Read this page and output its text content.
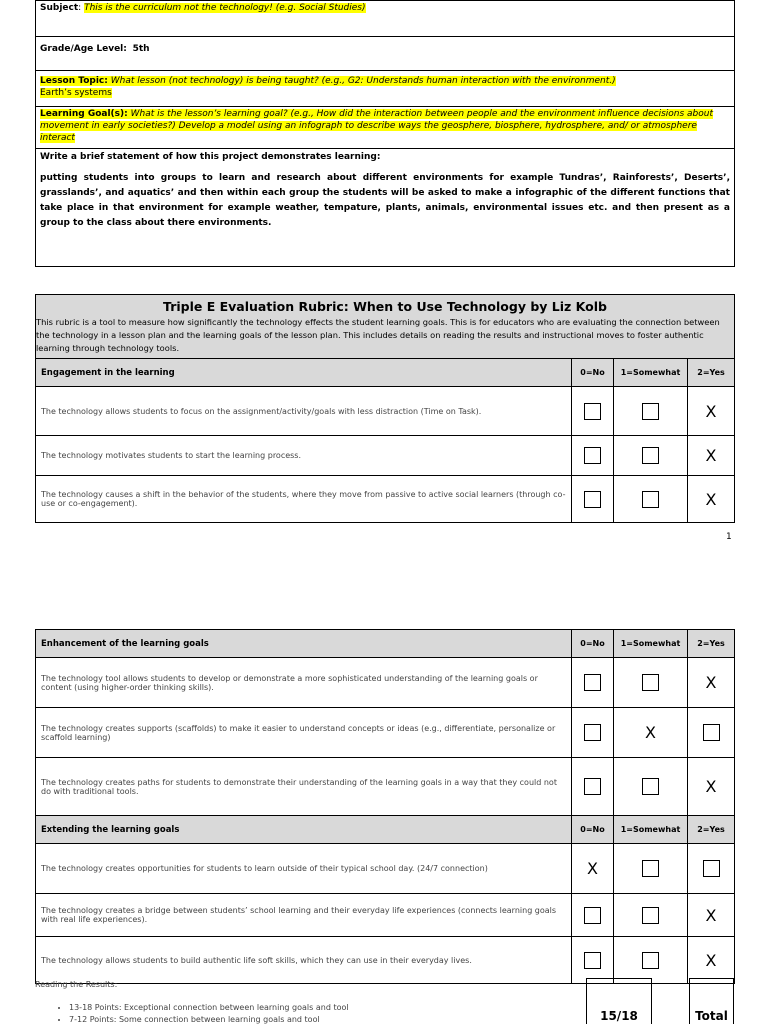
Subject: This is the curriculum not the technology! (e.g. Social Studies)
Grade/Age Level: 5th
Lesson Topic: What lesson (not technology) is being taught? (e.g., G2: Understands human interaction with the environment.)
Earth’s systems
Learning Goal(s): What is the lesson’s learning goal? (e.g., How did the interaction between people and the environment influence decisions about movement in early societies?) Develop a model using an infograph to describe ways the geosphere, biosphere, hydrosphere, and/ or atmosphere interact
Write a brief statement of how this project demonstrates learning:
putting students into groups to learn and research about different environments for example Tundras’, Rainforests’, Deserts’, grasslands’, and aquatics’ and then within each group the students will be asked to make a infographic of the different functions that take place in that environment for example weather, tempature, plants, animals, environmental issues etc. and then present as a group to the class about there environments.
Triple E Evaluation Rubric: When to Use Technology by Liz Kolb
This rubric is a tool to measure how significantly the technology effects the student learning goals. This is for educators who are evaluating the connection between the technology in a lesson plan and the learning goals of the lesson plan. This includes details on reading the results and instructional moves to foster authentic learning through technology tools.			

Engagement in the learning	0=No	1=Somewhat	2=Yes
The technology allows students to focus on the assignment/activity/goals with less distraction (Time on Task).			X
The technology motivates students to start the learning process.			X
The technology causes a shift in the behavior of the students, where they move from passive to active social learners (through co-use or co-engagement).			X
1
Enhancement of the learning goals	0=No	1=Somewhat	2=Yes
The technology tool allows students to develop or demonstrate a more sophisticated understanding of the learning goals or content (using higher-order thinking skills).			X
The technology creates supports (scaffolds) to make it easier to understand concepts or ideas (e.g., differentiate, personalize or scaffold learning)		X	
The technology creates paths for students to demonstrate their understanding of the learning goals in a way that they could not do with traditional tools.			X
Extending the learning goals	0=No	1=Somewhat	2=Yes
The technology creates opportunities for students to learn outside of their typical school day. (24/7 connection)	X		
The technology creates a bridge between students’ school learning and their everyday life experiences (connects learning goals with real life experiences).			X
The technology allows students to build authentic life soft skills, which they can use in their everyday lives.			X
Reading the Results:
• 13-18 Points: Exceptional connection between learning goals and tool
• 7-12 Points: Some connection between learning goals and tool	15/18	Total
